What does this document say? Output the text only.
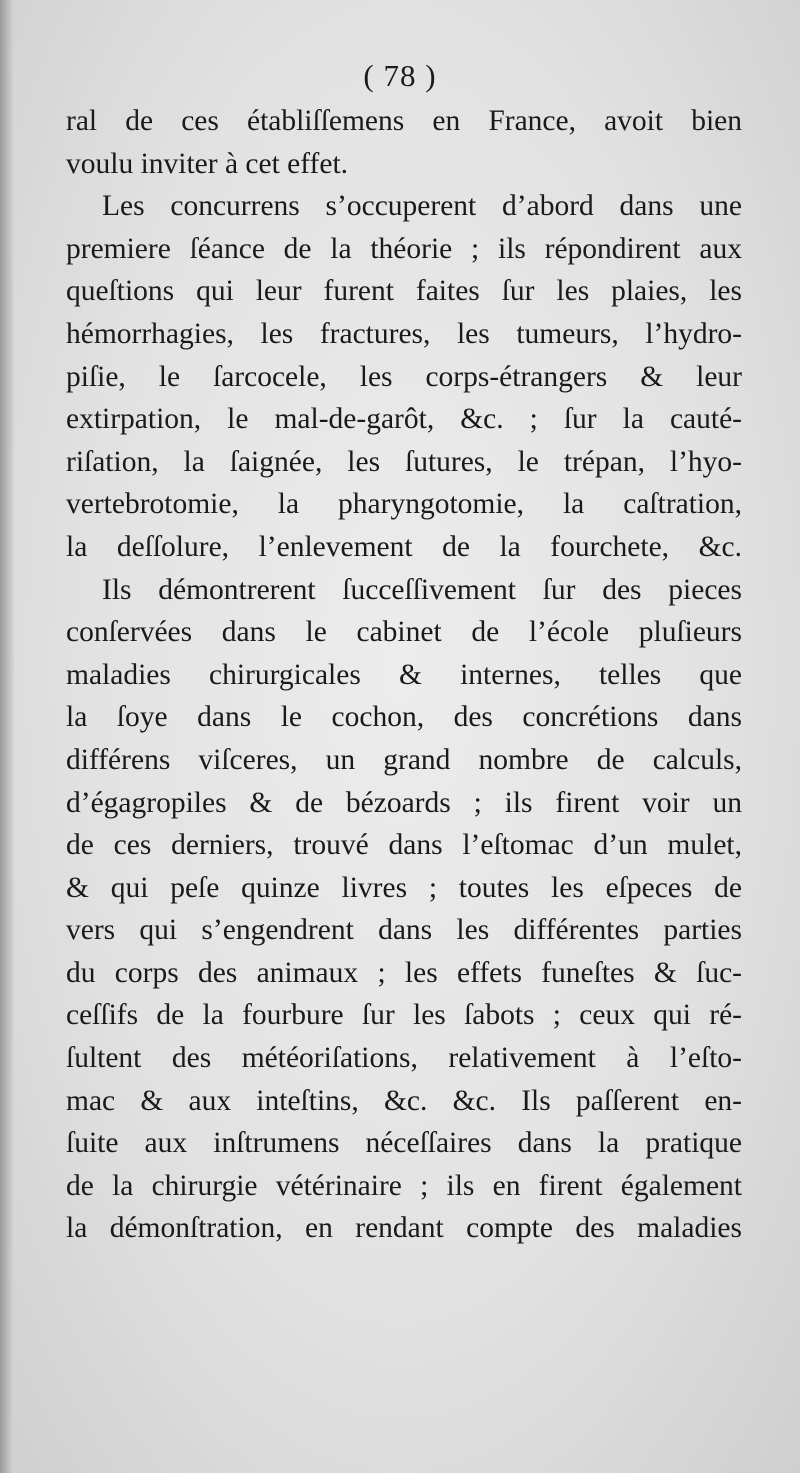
( 78 )
ral de ces établiſſemens en France, avoit bien
voulu inviter à cet effet.
Les concurrens s’occuperent d’abord dans une
premiere ſéance de la théorie ; ils répondirent aux
queſtions qui leur furent faites ſur les plaies, les
hémorrhagies, les fractures, les tumeurs, l’hydro-
piſie, le ſarcocele, les corps-étrangers & leur
extirpation, le mal-de-garôt, &c. ; ſur la cauté-
riſation, la ſaignée, les ſutures, le trépan, l’hyo-
vertebrotomie, la pharyngotomie, la caſtration,
la deſſolure, l’enlevement de la fourchete, &c.
Ils démontrerent ſucceſſivement ſur des pieces
conſervées dans le cabinet de l’école pluſieurs
maladies chirurgicales & internes, telles que
la ſoye dans le cochon, des concrétions dans
différens viſceres, un grand nombre de calculs,
d’égagropiles & de bézoards ; ils firent voir un
de ces derniers, trouvé dans l’eſtomac d’un mulet,
& qui peſe quinze livres ; toutes les eſpeces de
vers qui s’engendrent dans les différentes parties
du corps des animaux ; les effets funeſtes & ſuc-
ceſſifs de la fourbure ſur les ſabots ; ceux qui ré-
ſultent des météoriſations, relativement à l’eſto-
mac & aux inteſtins, &c. &c. Ils paſſerent en-
ſuite aux inſtrumens néceſſaires dans la pratique
de la chirurgie vétérinaire ; ils en firent également
la démonſtration, en rendant compte des maladies
